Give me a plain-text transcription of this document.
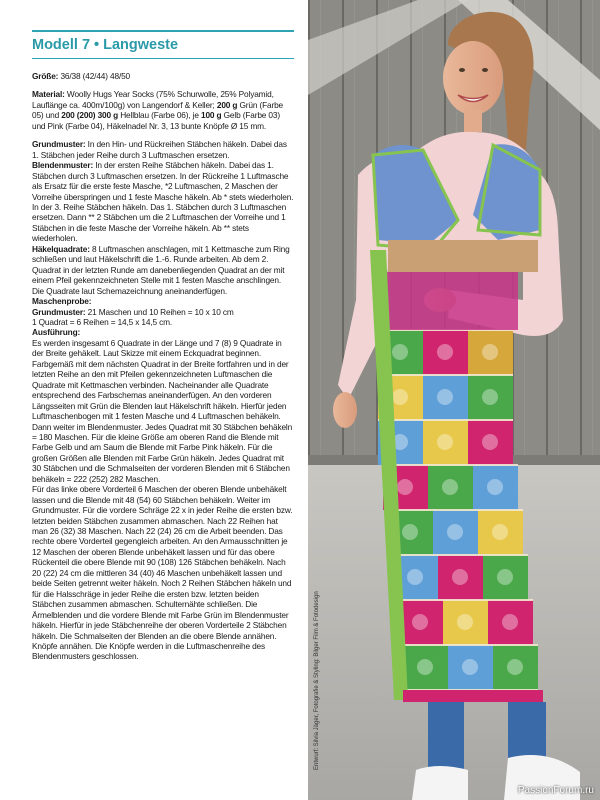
Modell 7 • Langweste

Größe: 36/38 (42/44) 48/50

Material: Woolly Hugs Year Socks (75% Schurwolle, 25% Polyamid, Lauflänge ca. 400m/100g) von Langendorf & Keller; 200 g Grün (Farbe 05) und 200 (200) 300 g Hellblau (Farbe 06), je 100 g Gelb (Farbe 03) und Pink (Farbe 04), Häkelnadel Nr. 3, 13 bunte Knöpfe Ø 15 mm.

Grundmuster: In den Hin- und Rückreihen Stäbchen häkeln. Dabei das 1. Stäbchen jeder Reihe durch 3 Luftmaschen ersetzen.

Blendenmuster: In der ersten Reihe Stäbchen häkeln. Dabei das 1. Stäbchen durch 3 Luftmaschen ersetzen. In der Rückreihe 1 Luftmasche als Ersatz für die erste feste Masche, *2 Luftmaschen, 2 Maschen der Vorreihe überspringen und 1 feste Masche häkeln. Ab * stets wiederholen. In der 3. Reihe Stäbchen häkeln. Das 1. Stäbchen durch 3 Luftmaschen ersetzen. Dann ** 2 Stäbchen um die 2 Luftmaschen der Vorreihe und 1 Stäbchen in die feste Masche der Vorreihe häkeln. Ab ** stets wiederholen.

Häkelquadrate: 8 Luftmaschen anschlagen, mit 1 Kettmasche zum Ring schließen und laut Häkelschrift die 1.-6. Runde arbeiten. Ab dem 2. Quadrat in der letzten Runde am danebenliegenden Quadrat an der mit einem Pfeil gekennzeichneten Stelle mit 1 festen Masche anschlingen. Die Quadrate laut Schemazeichnung aneinanderfügen.

Maschenprobe:

Grundmuster: 21 Maschen und 10 Reihen = 10 x 10 cm

1 Quadrat = 6 Reihen = 14,5 x 14,5 cm.

Ausführung:

Es werden insgesamt 6 Quadrate in der Länge und 7 (8) 9 Quadrate in der Breite gehäkelt. Laut Skizze mit einem Eckquadrat beginnen. Farbgemäß mit dem nächsten Quadrat in der Breite fortfahren und in der letzten Reihe an den mit Pfeilen gekennzeichneten Luftmaschen die Quadrate mit Kettmaschen verbinden. Nacheinander alle Quadrate entsprechend des Farbschemas aneinanderfügen. An den vorderen Längsseiten mit Grün die Blenden laut Häkelschrift häkeln. Hierfür jeden Luftmaschenbogen mit 1 festen Masche und 4 Luftmaschen behäkeln. Dann weiter im Blendenmuster. Jedes Quadrat mit 30 Stäbchen behäkeln = 180 Maschen. Für die kleine Größe am oberen Rand die Blende mit Farbe Gelb und am Saum die Blende mit Farbe Pink häkeln. Für die großen Größen alle Blenden mit Farbe Grün häkeln. Jedes Quadrat mit 30 Stäbchen und die Schmalseiten der vorderen Blenden mit 6 Stäbchen behäkeln = 222 (252) 282 Maschen.

Für das linke obere Vorderteil 6 Maschen der oberen Blende unbehäkelt lassen und die Blende mit 48 (54) 60 Stäbchen behäkeln. Weiter im Grundmuster. Für die vordere Schräge 22 x in jeder Reihe die ersten bzw. letzten beiden Stäbchen zusammen abmaschen. Nach 22 Reihen hat man 26 (32) 38 Maschen. Nach 22 (24) 26 cm die Arbeit beenden. Das rechte obere Vorderteil gegengleich arbeiten. An den Armausschnitten je 12 Maschen der oberen Blende unbehäkelt lassen und für das obere Rückenteil die obere Blende mit 90 (108) 126 Stäbchen behäkeln. Nach 20 (22) 24 cm die mittleren 34 (40) 46 Maschen unbehäkelt lassen und beide Seiten getrennt weiter häkeln. Noch 2 Reihen Stäbchen häkeln und für die Halsschräge in jeder Reihe die ersten bzw. letzten beiden Stäbchen zusammen abmaschen. Schulternähte schließen. Die Ärmelblenden und die vordere Blende mit Farbe Grün im Blendenmuster häkeln. Hierfür in jede Stäbchenreihe der oberen Vorderteile 2 Stäbchen häkeln. Die Schmalseiten der Blenden an die obere Blende annähen. Knöpfe annähen. Die Knöpfe werden in die Luftmaschenreihe des Blendenmusters geschlossen.	Entwurf: Silvia Jäger, Fotografie & Styling: Bilger Film & Fotodesign
PassionForum.ru
